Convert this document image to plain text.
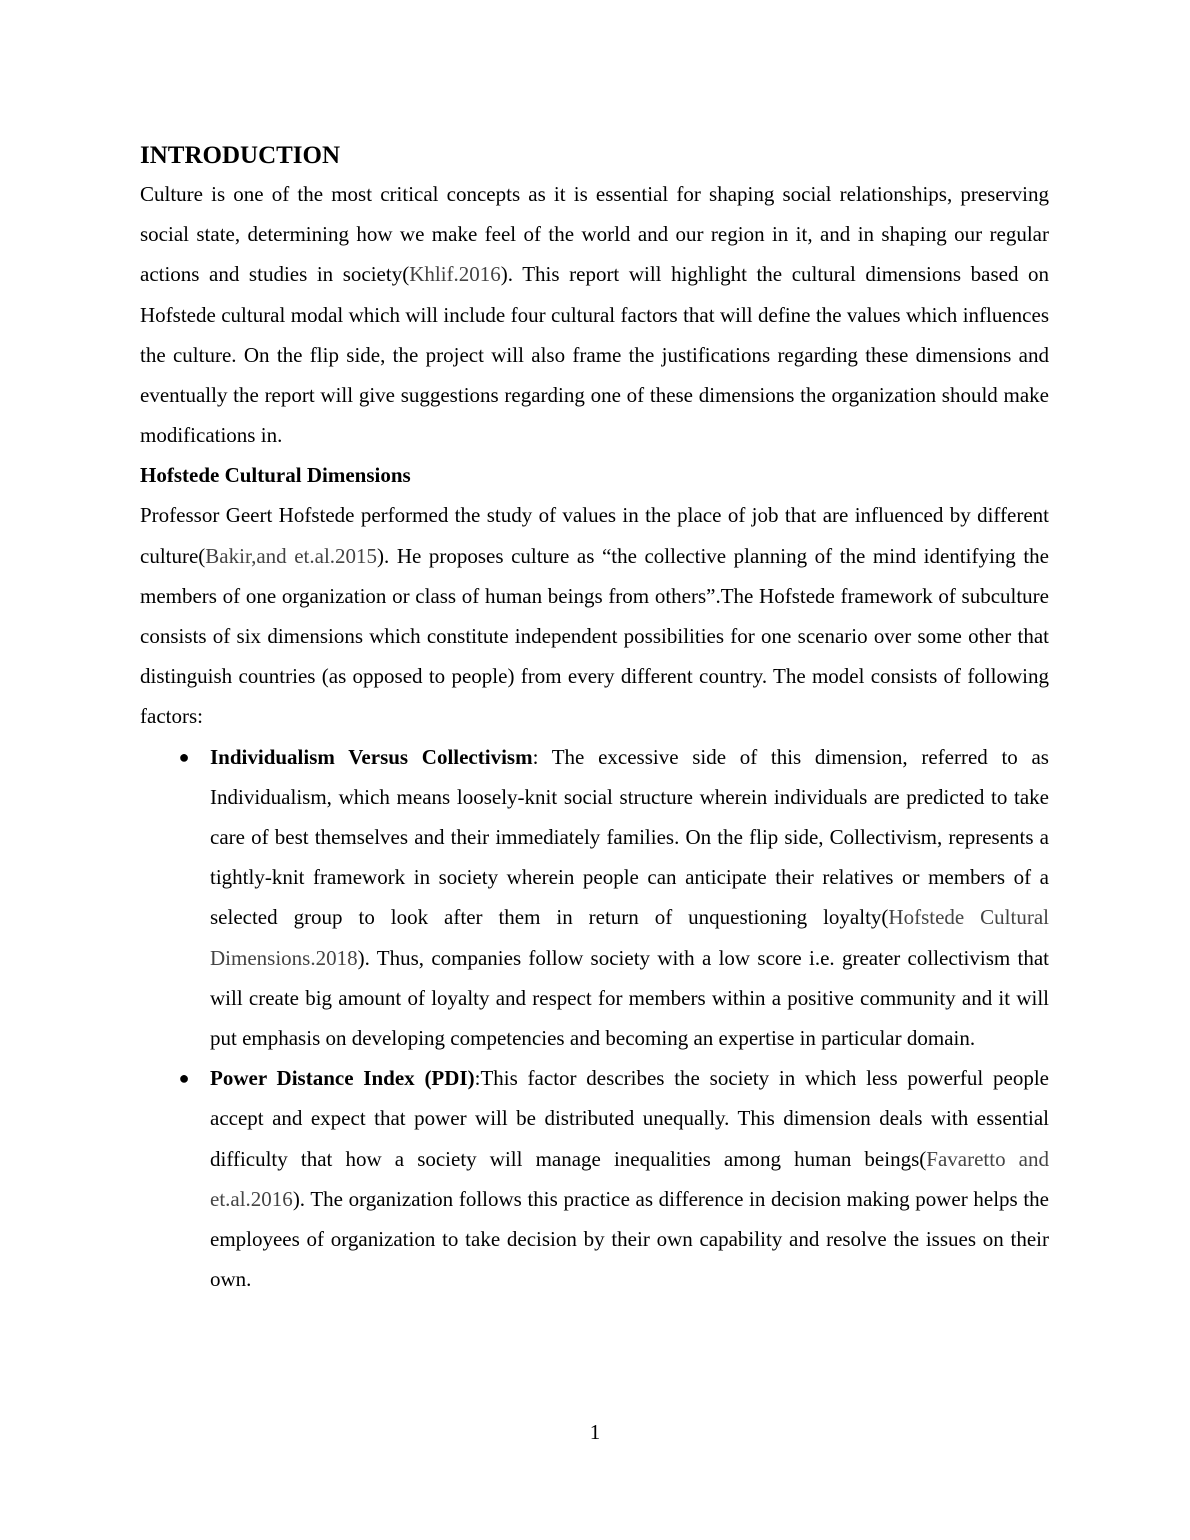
INTRODUCTION

Culture is one of the most critical concepts as it is essential for shaping social relationships, preserving social state, determining how we make feel of the world and our region in it, and in shaping our regular actions and studies in society(Khlif.2016). This report will highlight the cultural dimensions based on Hofstede cultural modal which will include four cultural factors that will define the values which influences the culture. On the flip side, the project will also frame the justifications regarding these dimensions and eventually the report will give suggestions regarding one of these dimensions the organization should make modifications in.

Hofstede Cultural Dimensions

Professor Geert Hofstede performed the study of values in the place of job that are influenced by different culture(Bakir,and et.al.2015). He proposes culture as “the collective planning of the mind identifying the members of one organization or class of human beings from others”.The Hofstede framework of subculture consists of six dimensions which constitute independent possibilities for one scenario over some other that distinguish countries (as opposed to people) from every different country. The model consists of following factors:

● Individualism Versus Collectivism: The excessive side of this dimension, referred to as Individualism, which means loosely-knit social structure wherein individuals are predicted to take care of best themselves and their immediately families. On the flip side, Collectivism, represents a tightly-knit framework in society wherein people can anticipate their relatives or members of a selected group to look after them in return of unquestioning loyalty(Hofstede Cultural Dimensions.2018). Thus, companies follow society with a low score i.e. greater collectivism that will create big amount of loyalty and respect for members within a positive community and it will put emphasis on developing competencies and becoming an expertise in particular domain.
● Power Distance Index (PDI):This factor describes the society in which less powerful people accept and expect that power will be distributed unequally. This dimension deals with essential difficulty that how a society will manage inequalities among human beings(Favaretto and et.al.2016). The organization follows this practice as difference in decision making power helps the employees of organization to take decision by their own capability and resolve the issues on their own.
1
